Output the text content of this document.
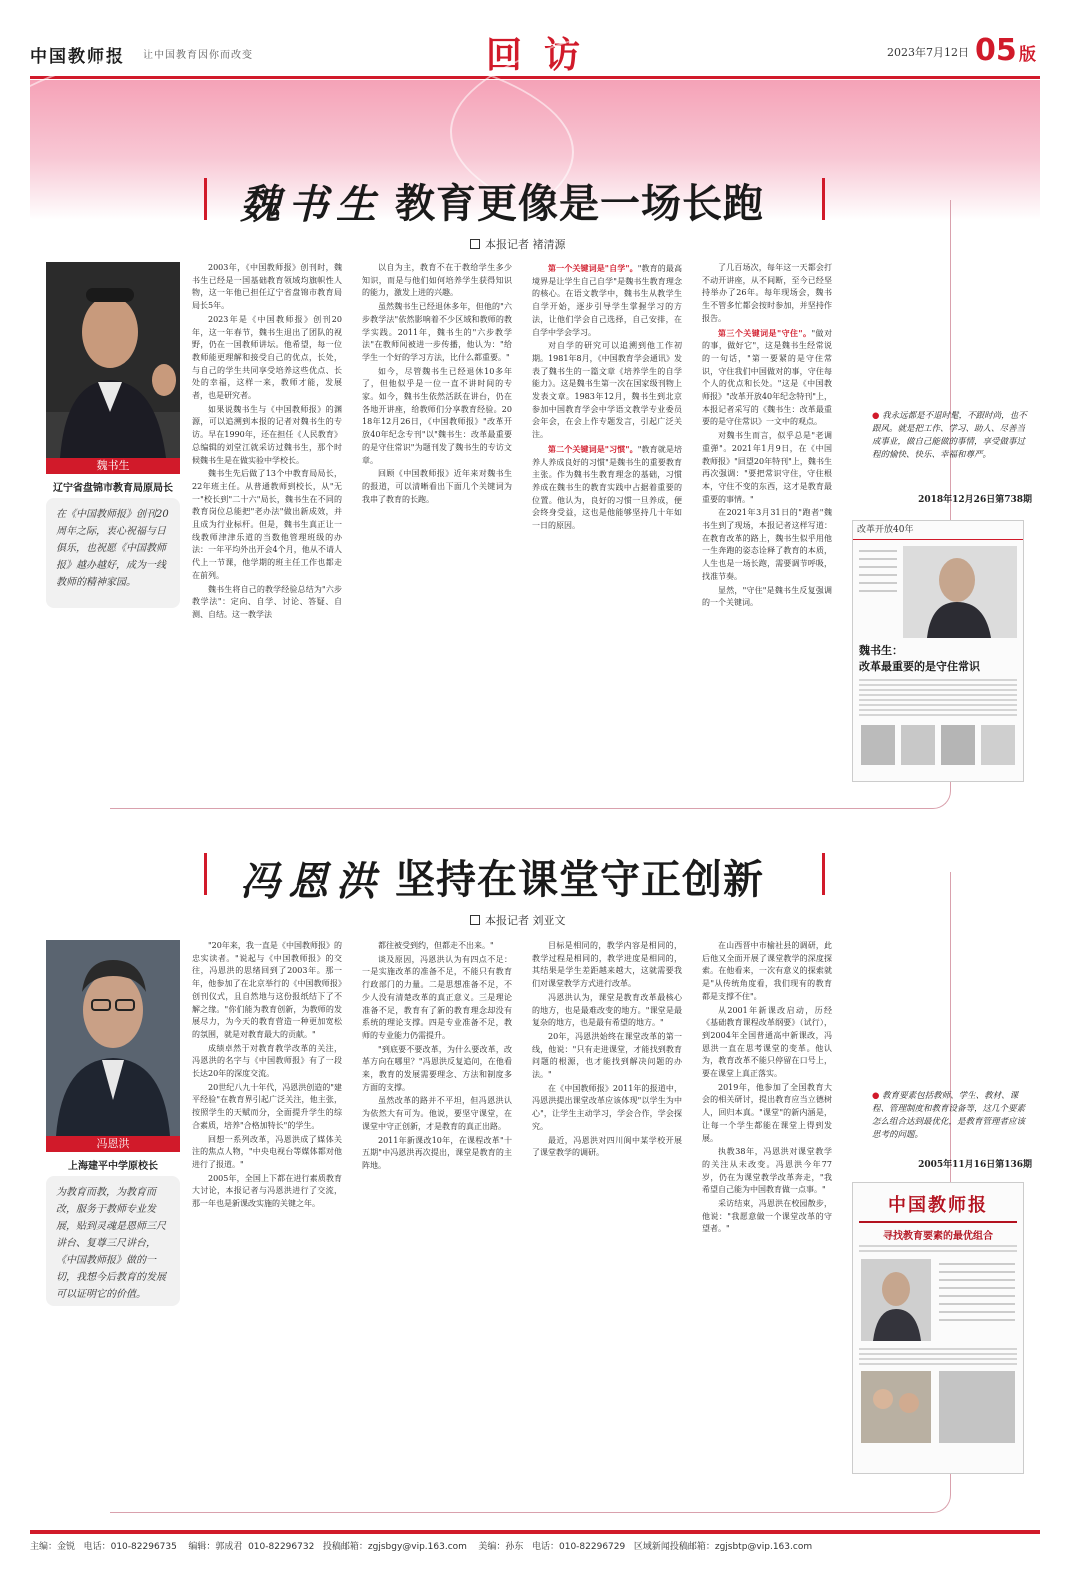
中国教师报 让中国教育因你而改变	回访	2023年7月12日 05 版
魏书生 教育更像是一场长跑
本报记者 褚清源
魏书生
辽宁省盘锦市教育局原局长
在《中国教师报》创刊20周年之际，衷心祝福与日俱乐，也祝愿《中国教师报》越办越好，成为一线教师的精神家园。

2003年，《中国教师报》创刊时，魏书生已经是一国基础教育领域均旗帜性人物，这一年他已担任辽宁省盘锦市教育局局长5年。

2023年是《中国教师报》创刊20年，这一年春节，魏书生退出了团队的视野，仍在一国教师讲坛。他希望，每一位教师能更理解和接受自己的优点，长处，与自己的学生共同享受培养这些优点、长处的幸福，这样一来，教师才能，发展者，也是研究者。

如果说魏书生与《中国教师报》的渊源，可以追溯到本报的记者对魏书生的专访。早在1990年，还在担任《人民教育》总编辑的刘堂江就采访过魏书生，那个时候魏书生是在做实验中学校长。

魏书生先后做了13个中教育局局长，22年班主任。从普通教师到校长，从"无一"校长到"二十六"局长，魏书生在不同的教育岗位总能把"老办法"做出新成效，并且成为行业标杆。但是，魏书生真正让一线教师津津乐道的当数他管理班级的办法：一年平均外出开会4个月，他从不请人代上一节课，他学期的班主任工作也都走在前列。

魏书生将自己的教学经验总结为"六步教学法"：定向、自学、讨论、答疑、自测、自结。这一教学法

以自为主，教育不在于教给学生多少知识，而是与他们如何培养学生获得知识的能力，激发上进的兴趣。

虽然魏书生已经退休多年，但他的"六步教学法"依然影响着不少区域和教师的教学实践。2011年，魏书生的"六步教学法"在教师间被进一步传播，他认为："给学生一个好的学习方法，比什么都重要。"

如今，尽管魏书生已经退休10多年了，但他似乎是一位一直不讲时间的专家。如今，魏书生依然活跃在讲台，仍在各地开讲座，给教师们分享教育经验。2018年12月26日，《中国教师报》"改革开放40年纪念专刊"以"魏书生：改革最重要的是守住常识"为题刊发了魏书生的专访文章。

回顾《中国教师报》近年来对魏书生的报道，可以清晰看出下面几个关键词为我串了教育的长跑。

第一个关键词是"自学"。"教育的最高境界是让学生自己自学"是魏书生教育理念的核心。在语文教学中，魏书生从教学生自学开始，逐步引导学生掌握学习的方法，让他们学会自己选择，自己安排，在自学中学会学习。

对自学的研究可以追溯到他工作初期。1981年8月，《中国教育学会通讯》发表了魏书生的一篇文章《培养学生的自学能力》。这是魏书生第一次在国家级刊物上发表文章。1983年12月，魏书生到北京参加中国教育学会中学语文教学专业委员会年会，在会上作专题发言，引起广泛关注。

第二个关键词是"习惯"。"教育就是培养人养成良好的习惯"是魏书生的重要教育主张。作为魏书生教育理念的基础，习惯养成在魏书生的教育实践中占据着重要的位置。他认为，良好的习惯一旦养成，便会终身受益，这也是他能够坚持几十年如一日的原因。

了几百场次，每年这一天都会打不动开讲座，从不间断，至今已经坚持举办了26年。每年现场会，魏书生不管多忙都会按时参加，并坚持作报告。

第三个关键词是"守住"。"做对的事，做好它"，这是魏书生经常说的一句话，"第一要紧的是守住常识，守住我们中国做对的事，守住每个人的优点和长处。"这是《中国教师报》"改革开放40年纪念特刊"上，本报记者采写的《魏书生：改革最重要的是守住常识》一文中的观点。

对魏书生而言，似乎总是"老调重弹"。2021年1月9日，在《中国教师报》"回望20年特刊"上，魏书生再次强调："要把常识守住，守住根本，守住不变的东西，这才是教育最重要的事情。"

在2021年3月31日的"跑者"魏书生到了现场，本报记者这样写道：在教育改革的路上，魏书生似乎用他一生奔跑的姿态诠释了教育的本质，人生也是一场长跑，需要调节呼吸，找准节奏。

显然，"守住"是魏书生反复强调的一个关键词。

● 我永远都是不退时髦，不跟时尚，也不跟风。就是把工作、学习、助人、尽善当成事业，做自己能做的事情，享受做事过程的愉快、快乐、幸福和尊严。
2018年12月26日第738期
改革开放40年
魏书生：
改革最重要的是守住常识
冯恩洪 坚持在课堂守正创新
本报记者 刘亚文
冯恩洪
上海建平中学原校长
为教育而教，为教育而改，服务于教师专业发展，贴到灵魂是恩师三尺讲台、复尊三尺讲台，《中国教师报》做的一切，我想今后教育的发展可以证明它的价值。

"20年来，我一直是《中国教师报》的忠实读者。"说起与《中国教师报》的交往，冯恩洪的思绪回到了2003年。那一年，他参加了在北京举行的《中国教师报》创刊仪式，且自然地与这份报纸结下了不解之缘。"你们能为教育创新，为教师的发展尽力，为今天的教育营造一种更加宽松的氛围，就是对教育最大的贡献。"

成绩卓然于对教育教学改革的关注，冯恩洪的名字与《中国教师报》有了一段长达20年的深度交流。

20世纪八九十年代，冯恩洪创造的"建平经验"在教育界引起广泛关注，他主张，按照学生的天赋而分，全面提升学生的综合素质，培养"合格加特长"的学生。

回想一系列改革，冯恩洪成了媒体关注的焦点人物，"中央电视台等媒体都对他进行了报道。"

2005年，全国上下都在进行素质教育大讨论，本报记者与冯恩洪进行了交流，那一年也是新课改实施的关键之年。

都往被受到约，但都走不出来。"

谈及原因，冯恩洪认为有四点不足：一是实施改革的准备不足，不能只有教育行政部门的力量。二是思想准备不足，不少人没有清楚改革的真正意义。三是理论准备不足，教育有了新的教育理念却没有系统的理论支撑。四是专业准备不足，教师的专业能力仍需提升。

"到底要不要改革，为什么要改革，改革方向在哪里？"冯恩洪反复追问，在他看来，教育的发展需要理念、方法和制度多方面的支撑。

虽然改革的路并不平坦，但冯恩洪认为依然大有可为。他说，要坚守课堂，在课堂中守正创新，才是教育的真正出路。

2011年新课改10年，在课程改革"十五期"中冯恩洪再次提出，课堂是教育的主阵地。

目标是相同的，教学内容是相同的，教学过程是相同的，教学进度是相同的，其结果是学生差距越来越大，这就需要我们对课堂教学方式进行改革。

冯恩洪认为，课堂是教育改革最核心的地方，也是最难改变的地方。"课堂是最复杂的地方，也是最有希望的地方。"

20年，冯恩洪始终在课堂改革的第一线，他说："只有走进课堂，才能找到教育问题的根源，也才能找到解决问题的办法。"

在《中国教师报》2011年的报道中，冯恩洪提出课堂改革应该体现"以学生为中心"，让学生主动学习，学会合作，学会探究。

最近，冯恩洪对四川阆中某学校开展了课堂教学的调研。

在山西晋中市榆社县的调研，此后他又全面开展了课堂教学的深度探索。在他看来，一次有意义的探索就是"从传统角度看，我们现有的教育都是支撑不住"。

从2001年新课改启动，历经《基础教育课程改革纲要》（试行），到2004年全国普通高中新课改，冯恩洪一直在思考课堂的变革。他认为，教育改革不能只停留在口号上，要在课堂上真正落实。

2019年，他参加了全国教育大会的相关研讨，提出教育应当立德树人，回归本真。"课堂"的新内涵是，让每一个学生都能在课堂上得到发展。

执教38年，冯恩洪对课堂教学的关注从未改变。冯恩洪今年77岁，仍在为课堂教学改革奔走，"我希望自己能为中国教育做一点事。"

采访结束，冯恩洪在校园散步，他说："我愿意做一个课堂改革的守望者。"

● 教育要素包括教师、学生、教材、课程、管理制度和教育设备等，这几个要素怎么组合达到最优化，是教育管理者应该思考的问题。
2005年11月16日第136期
中国教师报
寻找教育要素的最优组合
主编：金锐 电话：010-82296735 编辑：郭成君 010-82296732 投稿邮箱：zgjsbgy@vip.163.com 美编：孙东 电话：010-82296729 区域新闻投稿邮箱：zgjsbtp@vip.163.com
